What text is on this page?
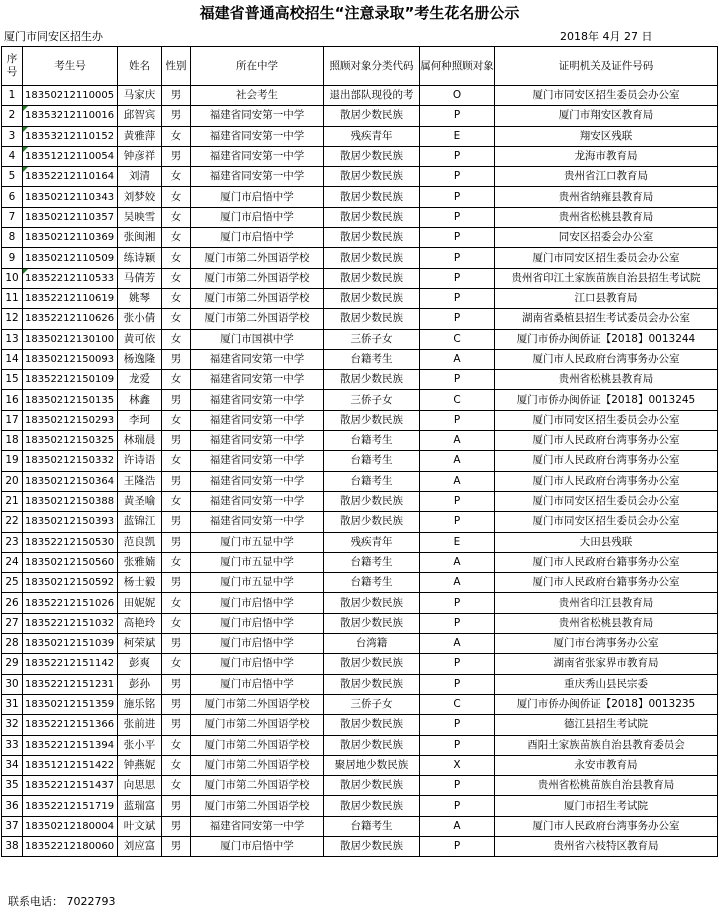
福建省普通高校招生“注意录取”考生花名册公示
厦门市同安区招生办	2018年 4月 27 日
序号	考生号	姓名	性别	所在中学	照顾对象分类代码	属何种照顾对象	证明机关及证件号码
1	18350212110005	马家庆	男	社会考生	退出部队现役的考	O	厦门市同安区招生委员会办公室
2	18353212110016	邱智宾	男	福建省同安第一中学	散居少数民族	P	厦门市翔安区教育局
3	18353212110152	黄雅萍	女	福建省同安第一中学	残疾青年	E	翔安区残联
4	18351212110054	钟彦祥	男	福建省同安第一中学	散居少数民族	P	龙海市教育局
5	18352212110164	刘清	女	福建省同安第一中学	散居少数民族	P	贵州省江口教育局
6	18350212110343	刘梦姣	女	厦门市启悟中学	散居少数民族	P	贵州省纳雍县教育局
7	18350212110357	吴映雪	女	厦门市启悟中学	散居少数民族	P	贵州省松桃县教育局
8	18350212110369	张闽湘	女	厦门市启悟中学	散居少数民族	P	同安区招委会办公室
9	18350212110509	练诗颖	女	厦门市第二外国语学校	散居少数民族	P	厦门市同安区招生委员会办公室
10	18352212110533	马倩芳	女	厦门市第二外国语学校	散居少数民族	P	贵州省印江土家族苗族自治县招生考试院
11	18352212110619	姚琴	女	厦门市第二外国语学校	散居少数民族	P	江口县教育局
12	18352212110626	张小倩	女	厦门市第二外国语学校	散居少数民族	P	湖南省桑植县招生考试委员会办公室
13	18350212130100	黄可依	女	厦门市国祺中学	三侨子女	C	厦门市侨办闽侨证【2018】0013244
14	18350212150093	杨逸隆	男	福建省同安第一中学	台籍考生	A	厦门市人民政府台湾事务办公室
15	18352212150109	龙爱	女	福建省同安第一中学	散居少数民族	P	贵州省松桃县教育局
16	18350212150135	林鑫	男	福建省同安第一中学	三侨子女	C	厦门市侨办闽侨证【2018】0013245
17	18350212150293	李珂	女	福建省同安第一中学	散居少数民族	P	厦门市同安区招生委员会办公室
18	18350212150325	林瑞晨	男	福建省同安第一中学	台籍考生	A	厦门市人民政府台湾事务办公室
19	18350212150332	许诗语	女	福建省同安第一中学	台籍考生	A	厦门市人民政府台湾事务办公室
20	18350212150364	王隆浩	男	福建省同安第一中学	台籍考生	A	厦门市人民政府台湾事务办公室
21	18350212150388	黄圣喻	女	福建省同安第一中学	散居少数民族	P	厦门市同安区招生委员会办公室
22	18350212150393	蓝锦江	男	福建省同安第一中学	散居少数民族	P	厦门市同安区招生委员会办公室
23	18352212150530	范良凯	男	厦门市五显中学	残疾青年	E	大田县残联
24	18350212150560	张雅婻	女	厦门市五显中学	台籍考生	A	厦门市人民政府台籍事务办公室
25	18350212150592	杨士毅	男	厦门市五显中学	台籍考生	A	厦门市人民政府台籍事务办公室
26	18352212151026	田妮妮	女	厦门市启悟中学	散居少数民族	P	贵州省印江县教育局
27	18352212151032	高艳玲	女	厦门市启悟中学	散居少数民族	P	贵州省松桃县教育局
28	18350212151039	柯荣斌	男	厦门市启悟中学	台湾籍	A	厦门市台湾事务办公室
29	18352212151142	彭爽	女	厦门市启悟中学	散居少数民族	P	湖南省张家界市教育局
30	18352212151231	彭孙	男	厦门市启悟中学	散居少数民族	P	重庆秀山县民宗委
31	18350212151359	施乐铭	男	厦门市第二外国语学校	三侨子女	C	厦门市侨办闽侨证【2018】0013235
32	18352212151366	张前进	男	厦门市第二外国语学校	散居少数民族	P	德江县招生考试院
33	18352212151394	张小平	女	厦门市第二外国语学校	散居少数民族	P	酉阳土家族苗族自治县教育委员会
34	18351212151422	钟燕妮	女	厦门市第二外国语学校	聚居地少数民族	X	永安市教育局
35	18352212151437	向思思	女	厦门市第二外国语学校	散居少数民族	P	贵州省松桃苗族自治县教育局
36	18352212151719	蓝瑞富	男	厦门市第二外国语学校	散居少数民族	P	厦门市招生考试院
37	18350212180004	叶文斌	男	福建省同安第一中学	台籍考生	A	厦门市人民政府台湾事务办公室
38	18352212180060	刘应富	男	厦门市启悟中学	散居少数民族	P	贵州省六枝特区教育局
联系电话： 7022793
